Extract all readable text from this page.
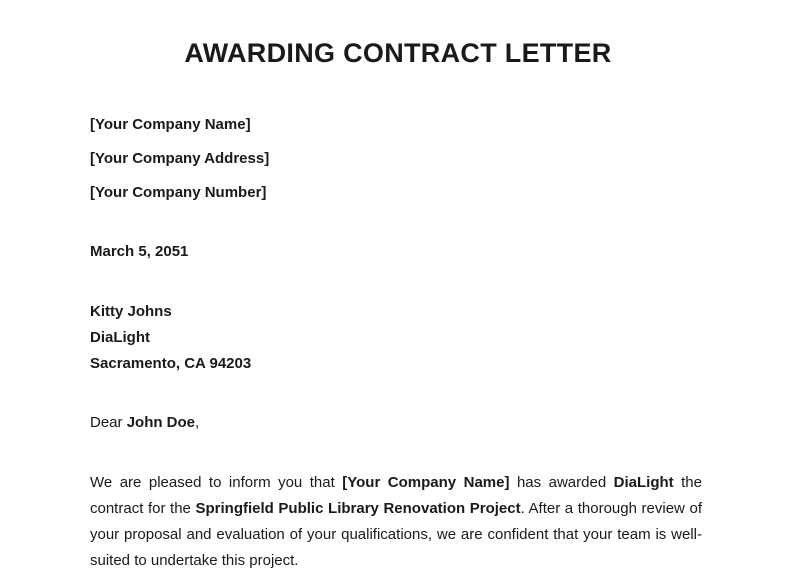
AWARDING CONTRACT LETTER

[Your Company Name]

[Your Company Address]

[Your Company Number]

March 5, 2051

Kitty Johns

DiaLight

Sacramento, CA 94203

Dear John Doe,

We are pleased to inform you that [Your Company Name] has awarded DiaLight the contract for the Springfield Public Library Renovation Project. After a thorough review of your proposal and evaluation of your qualifications, we are confident that your team is well-suited to undertake this project.
